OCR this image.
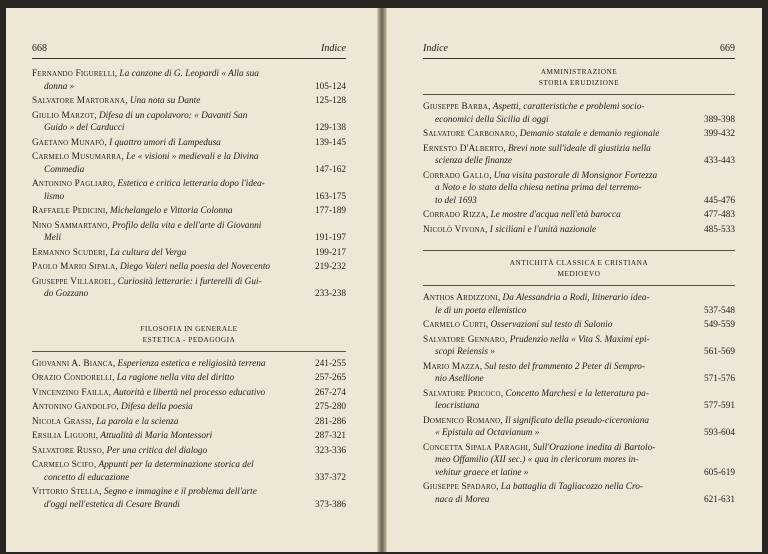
668	Indice
Fernando Figurelli, La canzone di G. Leopardi « Alla sua
donna »	105-124
Salvatore Martorana, Una nota su Dante	125-128
Giulio Marzot, Difesa di un capolavoro: « Davanti San
Guido » del Carducci	129-138
Gaetano Munafò, I quattro umori di Lampedusa	139-145
Carmelo Musumarra, Le « visioni » medievali e la Divina
Commedia	147-162
Antonino Pagliaro, Estetica e critica letteraria dopo l'idea-
lismo	163-175
Raffaele Pedicini, Michelangelo e Vittoria Colonna	177-189
Nino Sammartano, Profilo della vita e dell'arte di Giovanni
Meli	191-197
Ermanno Scuderi, La cultura del Verga	199-217
Paolo Mario Sipala, Diego Valeri nella poesia del Novecento	219-232
Giuseppe Villaroel, Curiosità letterarie: i furterelli di Gui-
do Gozzano	233-238
FILOSOFIA IN GENERALE
ESTETICA - PEDAGOGIA
Giovanni A. Bianca, Esperienza estetica e religiosità terrena	241-255
Orazio Condorelli, La ragione nella vita del diritto	257-265
Vincenzino Failla, Autorità e libertà nel processo educativo	267-274
Antonino Gandolfo, Difesa della poesia	275-280
Nicola Grassi, La parola e la scienza	281-286
Ersilia Liguori, Attualità di Maria Montessori	287-321
Salvatore Russo, Per una critica del dialogo	323-336
Carmelo Scifo, Appunti per la determinazione storica del
concetto di educazione	337-372
Vittorio Stella, Segno e immagine e il problema dell'arte
d'oggi nell'estetica di Cesare Brandi	373-386
Indice	669
AMMINISTRAZIONE
STORIA ERUDIZIONE
Giuseppe Barba, Aspetti, caratteristiche e problemi socio-
economici della Sicilia di oggi	389-398
Salvatore Carbonaro, Demanio statale e demanio regionale	399-432
Ernesto D'Alberto, Brevi note sull'ideale di giustizia nella
scienza delle finanze	433-443
Corrado Gallo, Una visita pastorale di Monsignor Fortezza
a Noto e lo stato della chiesa netina prima del terremo-
to del 1693	445-476
Corrado Rizza, Le mostre d'acqua nell'età barocca	477-483
Nicolò Vivona, I siciliani e l'unità nazionale	485-533
ANTICHITÀ CLASSICA E CRISTIANA
MEDIOEVO
Anthos Ardizzoni, Da Alessandria a Rodi, Itinerario idea-
le di un poeta ellenistico	537-548
Carmelo Curti, Osservazioni sul testo di Salonio	549-559
Salvatore Gennaro, Prudenzio nella « Vita S. Maximi epi-
scopi Reiensis »	561-569
Mario Mazza, Sul testo del frammento 2 Peter di Sempro-
nio Asellione	571-576
Salvatore Pricoco, Concetto Marchesi e la letteratura pa-
leocristiana	577-591
Domenico Romano, Il significato della pseudo-ciceroniana
« Epistula ad Octavianum »	593-604
Concetta Sipala Paraghi, Sull'Orazione inedita di Bartolo-
meo Offamilio (XII sec.) « qua in clericorum mores in-
vehitur graece et latine »	605-619
Giuseppe Spadaro, La battaglia di Tagliacozzo nella Cro-
naca di Morea	621-631
